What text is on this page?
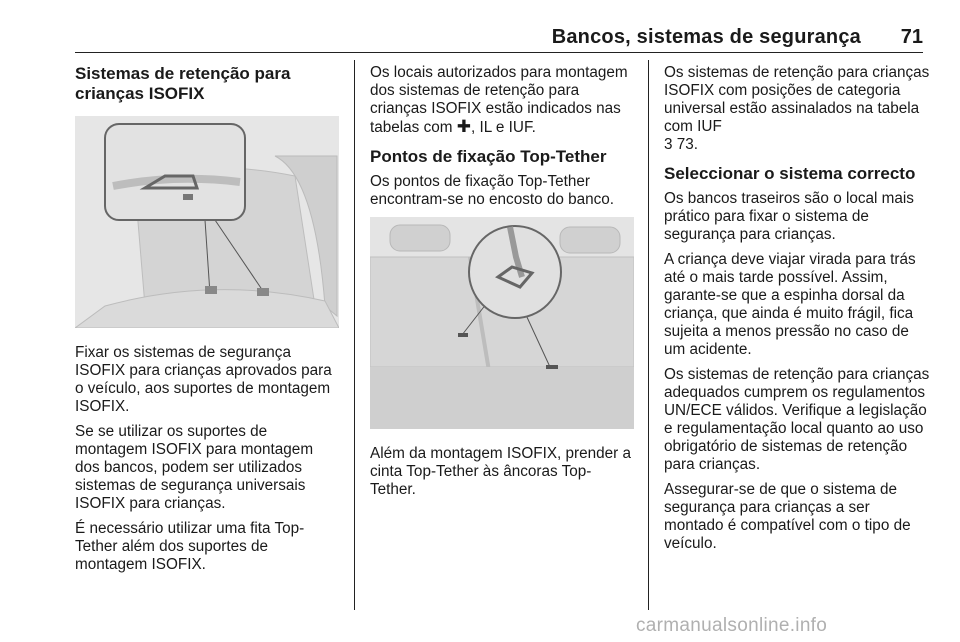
Bancos, sistemas de segurança 71
Sistemas de retenção para crianças ISOFIX

Fixar os sistemas de segurança ISOFIX para crianças aprovados para o veículo, aos suportes de montagem ISOFIX.

Se se utilizar os suportes de montagem ISOFIX para montagem dos bancos, podem ser utilizados sistemas de segurança universais ISOFIX para crianças.

É necessário utilizar uma fita Top-Tether além dos suportes de montagem ISOFIX.

Os locais autorizados para montagem dos sistemas de retenção para crianças ISOFIX estão indicados nas tabelas com ✚, IL e IUF.

Pontos de fixação Top-Tether

Os pontos de fixação Top-Tether encontram-se no encosto do banco.

Além da montagem ISOFIX, prender a cinta Top-Tether às âncoras Top-Tether.

Os sistemas de retenção para crianças ISOFIX com posições de categoria universal estão assinalados na tabela com IUF
3 73.

Seleccionar o sistema correcto

Os bancos traseiros são o local mais prático para fixar o sistema de segurança para crianças.

A criança deve viajar virada para trás até o mais tarde possível. Assim, garante-se que a espinha dorsal da criança, que ainda é muito frágil, fica sujeita a menos pressão no caso de um acidente.

Os sistemas de retenção para crianças adequados cumprem os regulamentos UN/ECE válidos. Verifique a legislação e regulamentação local quanto ao uso obrigatório de sistemas de retenção para crianças.

Assegurar-se de que o sistema de segurança para crianças a ser montado é compatível com o tipo de veículo.

carmanualsonline.info
